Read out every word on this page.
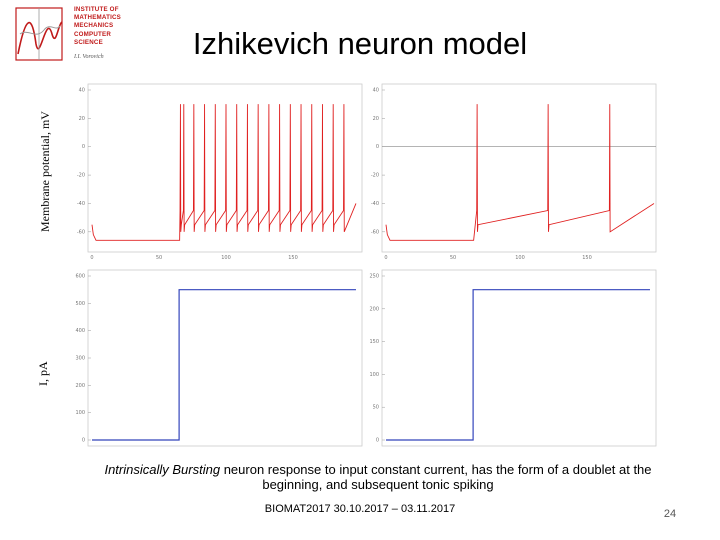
INSTITUTE OF
MATHEMATICS
MECHANICS
COMPUTER
SCIENCE
I.I. Vorovich	Izhikevich neuron model
Membrane potential, mV
I, pA
40
20
0
-20
-40
-60
0	50	100	150
40
20
0
-20
-40
-60
0	50	100	150
600
500
400
300
200
100
0
250
200
150
100
50
0
Intrinsically Bursting neuron response to input constant current, has the form of a doublet at the
beginning, and subsequent tonic spiking
BIOMAT2017 30.10.2017 – 03.11.2017	24
